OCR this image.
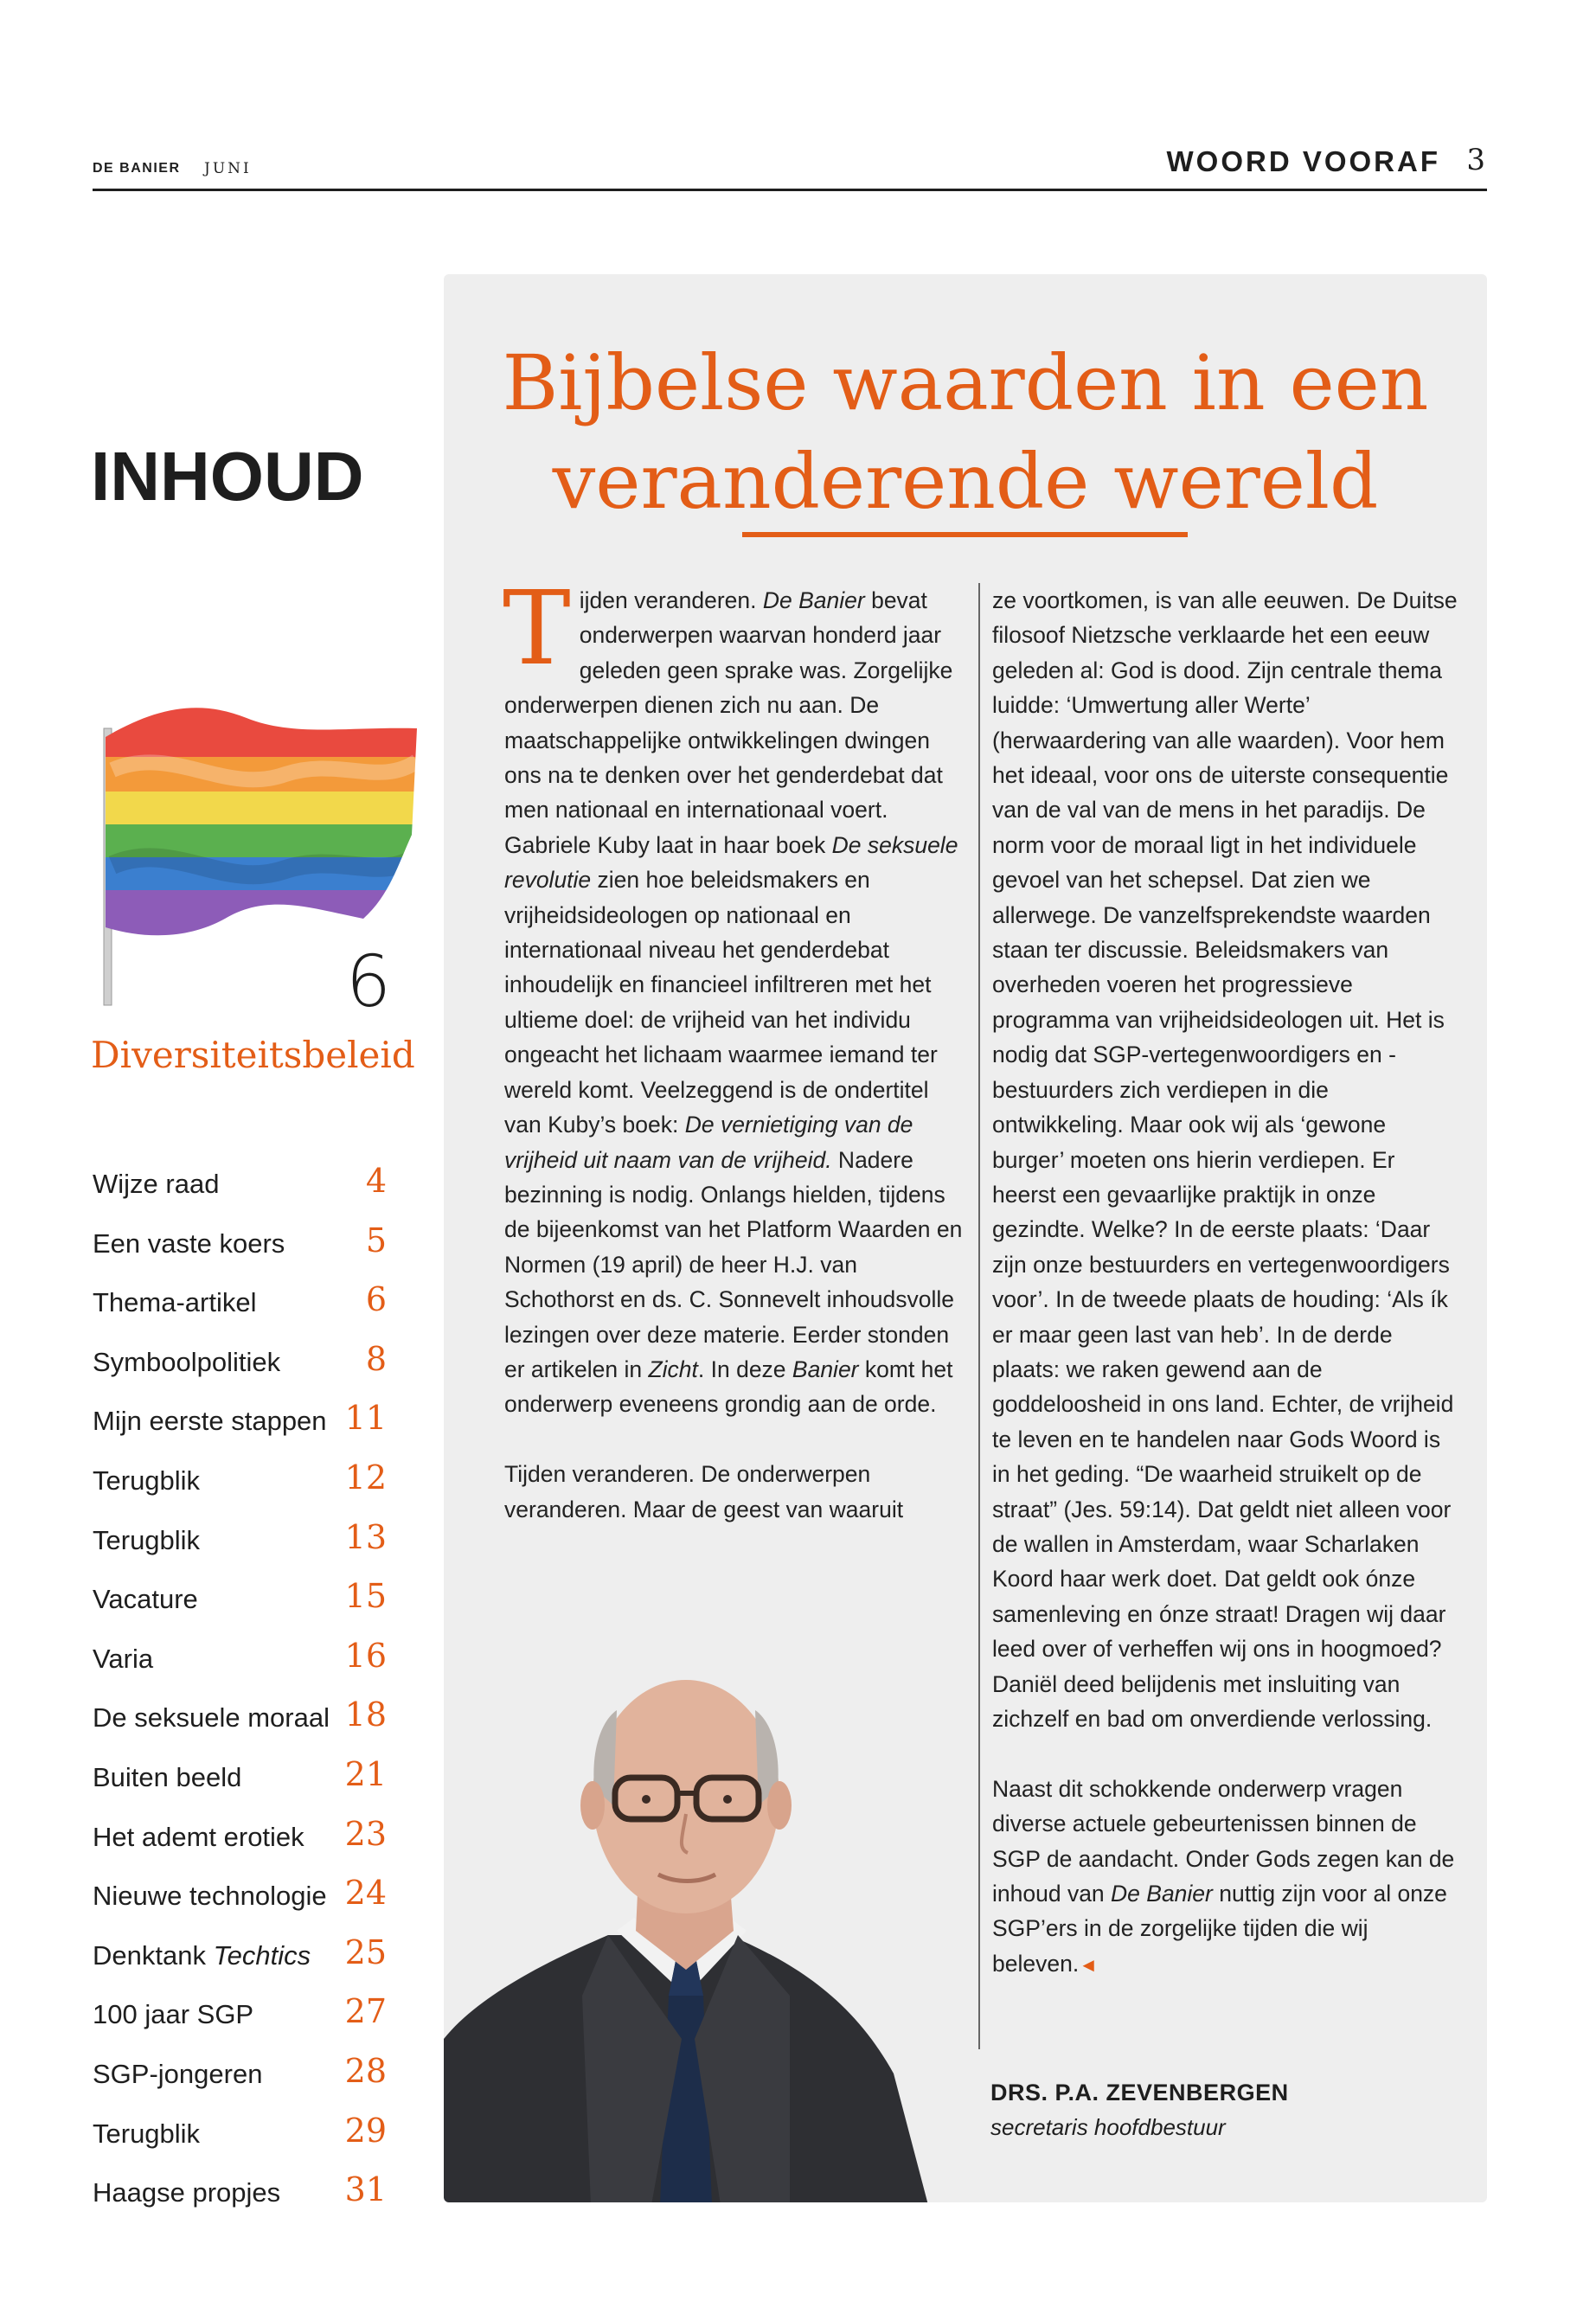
DE BANIER JUNI	WOORD VOORAF 3
INHOUD
6
Diversiteitsbeleid
Wijze raad	4
Een vaste koers 5
Thema-artikel	6
Symboolpolitiek	8
Mijn eerste stappen 11
Terugblik	12
Terugblik	13
Vacature	15
Varia	16
De seksuele moraal 18
Buiten beeld	21
Het ademt erotiek 23
Nieuwe technologie 24
Denktank Techtics 25
100 jaar SGP	27
SGP-jongeren	28
Terugblik	29
Haagse propjes 31
Bijbelse waarden in een
veranderende wereld

Tijden veranderen. De Banier bevat onderwerpen waarvan honderd jaar geleden geen sprake was. Zorgelijke onderwerpen dienen zich nu aan. De maatschappelijke ontwikkelingen dwingen ons na te denken over het genderdebat dat men nationaal en internationaal voert. Gabriele Kuby laat in haar boek De seksuele revolutie zien hoe beleidsmakers en vrijheidsideologen op nationaal en internationaal niveau het genderdebat inhoudelijk en financieel infiltreren met het ultieme doel: de vrijheid van het individu ongeacht het lichaam waarmee iemand ter wereld komt. Veelzeggend is de ondertitel van Kuby’s boek: De vernietiging van de vrijheid uit naam van de vrijheid. Nadere bezinning is nodig. Onlangs hielden, tijdens de bijeenkomst van het Platform Waarden en Normen (19 april) de heer H.J. van Schothorst en ds. C. Sonnevelt inhoudsvolle lezingen over deze materie. Eerder stonden er artikelen in Zicht. In deze Banier komt het onderwerp eveneens grondig aan de orde.

Tijden veranderen. De onderwerpen veranderen. Maar de geest van waaruit

ze voortkomen, is van alle eeuwen. De Duitse filosoof Nietzsche verklaarde het een eeuw geleden al: God is dood. Zijn centrale thema luidde: ‘Umwertung aller Werte’ (herwaardering van alle waarden). Voor hem het ideaal, voor ons de uiterste consequentie van de val van de mens in het paradijs. De norm voor de moraal ligt in het individuele gevoel van het schepsel. Dat zien we allerwege. De vanzelfsprekendste waarden staan ter discussie. Beleidsmakers van overheden voeren het progressieve programma van vrijheidsideologen uit. Het is nodig dat SGP-vertegenwoordigers en -bestuurders zich verdiepen in die ontwikkeling. Maar ook wij als ‘gewone burger’ moeten ons hierin verdiepen. Er heerst een gevaarlijke praktijk in onze gezindte. Welke? In de eerste plaats: ‘Daar zijn onze bestuurders en vertegenwoordigers voor’. In de tweede plaats de houding: ‘Als ík er maar geen last van heb’. In de derde plaats: we raken gewend aan de goddeloosheid in ons land. Echter, de vrijheid te leven en te handelen naar Gods Woord is in het geding. “De waarheid struikelt op de straat” (Jes. 59:14). Dat geldt niet alleen voor de wallen in Amsterdam, waar Scharlaken Koord haar werk doet. Dat geldt ook ónze samenleving en ónze straat! Dragen wij daar leed over of verheffen wij ons in hoogmoed? Daniël deed belijdenis met insluiting van zichzelf en bad om onverdiende verlossing.

Naast dit schokkende onderwerp vragen diverse actuele gebeurtenissen binnen de SGP de aandacht. Onder Gods zegen kan de inhoud van De Banier nuttig zijn voor al onze SGP’ers in de zorgelijke tijden die wij beleven.◄

DRS. P.A. ZEVENBERGEN
secretaris hoofdbestuur
